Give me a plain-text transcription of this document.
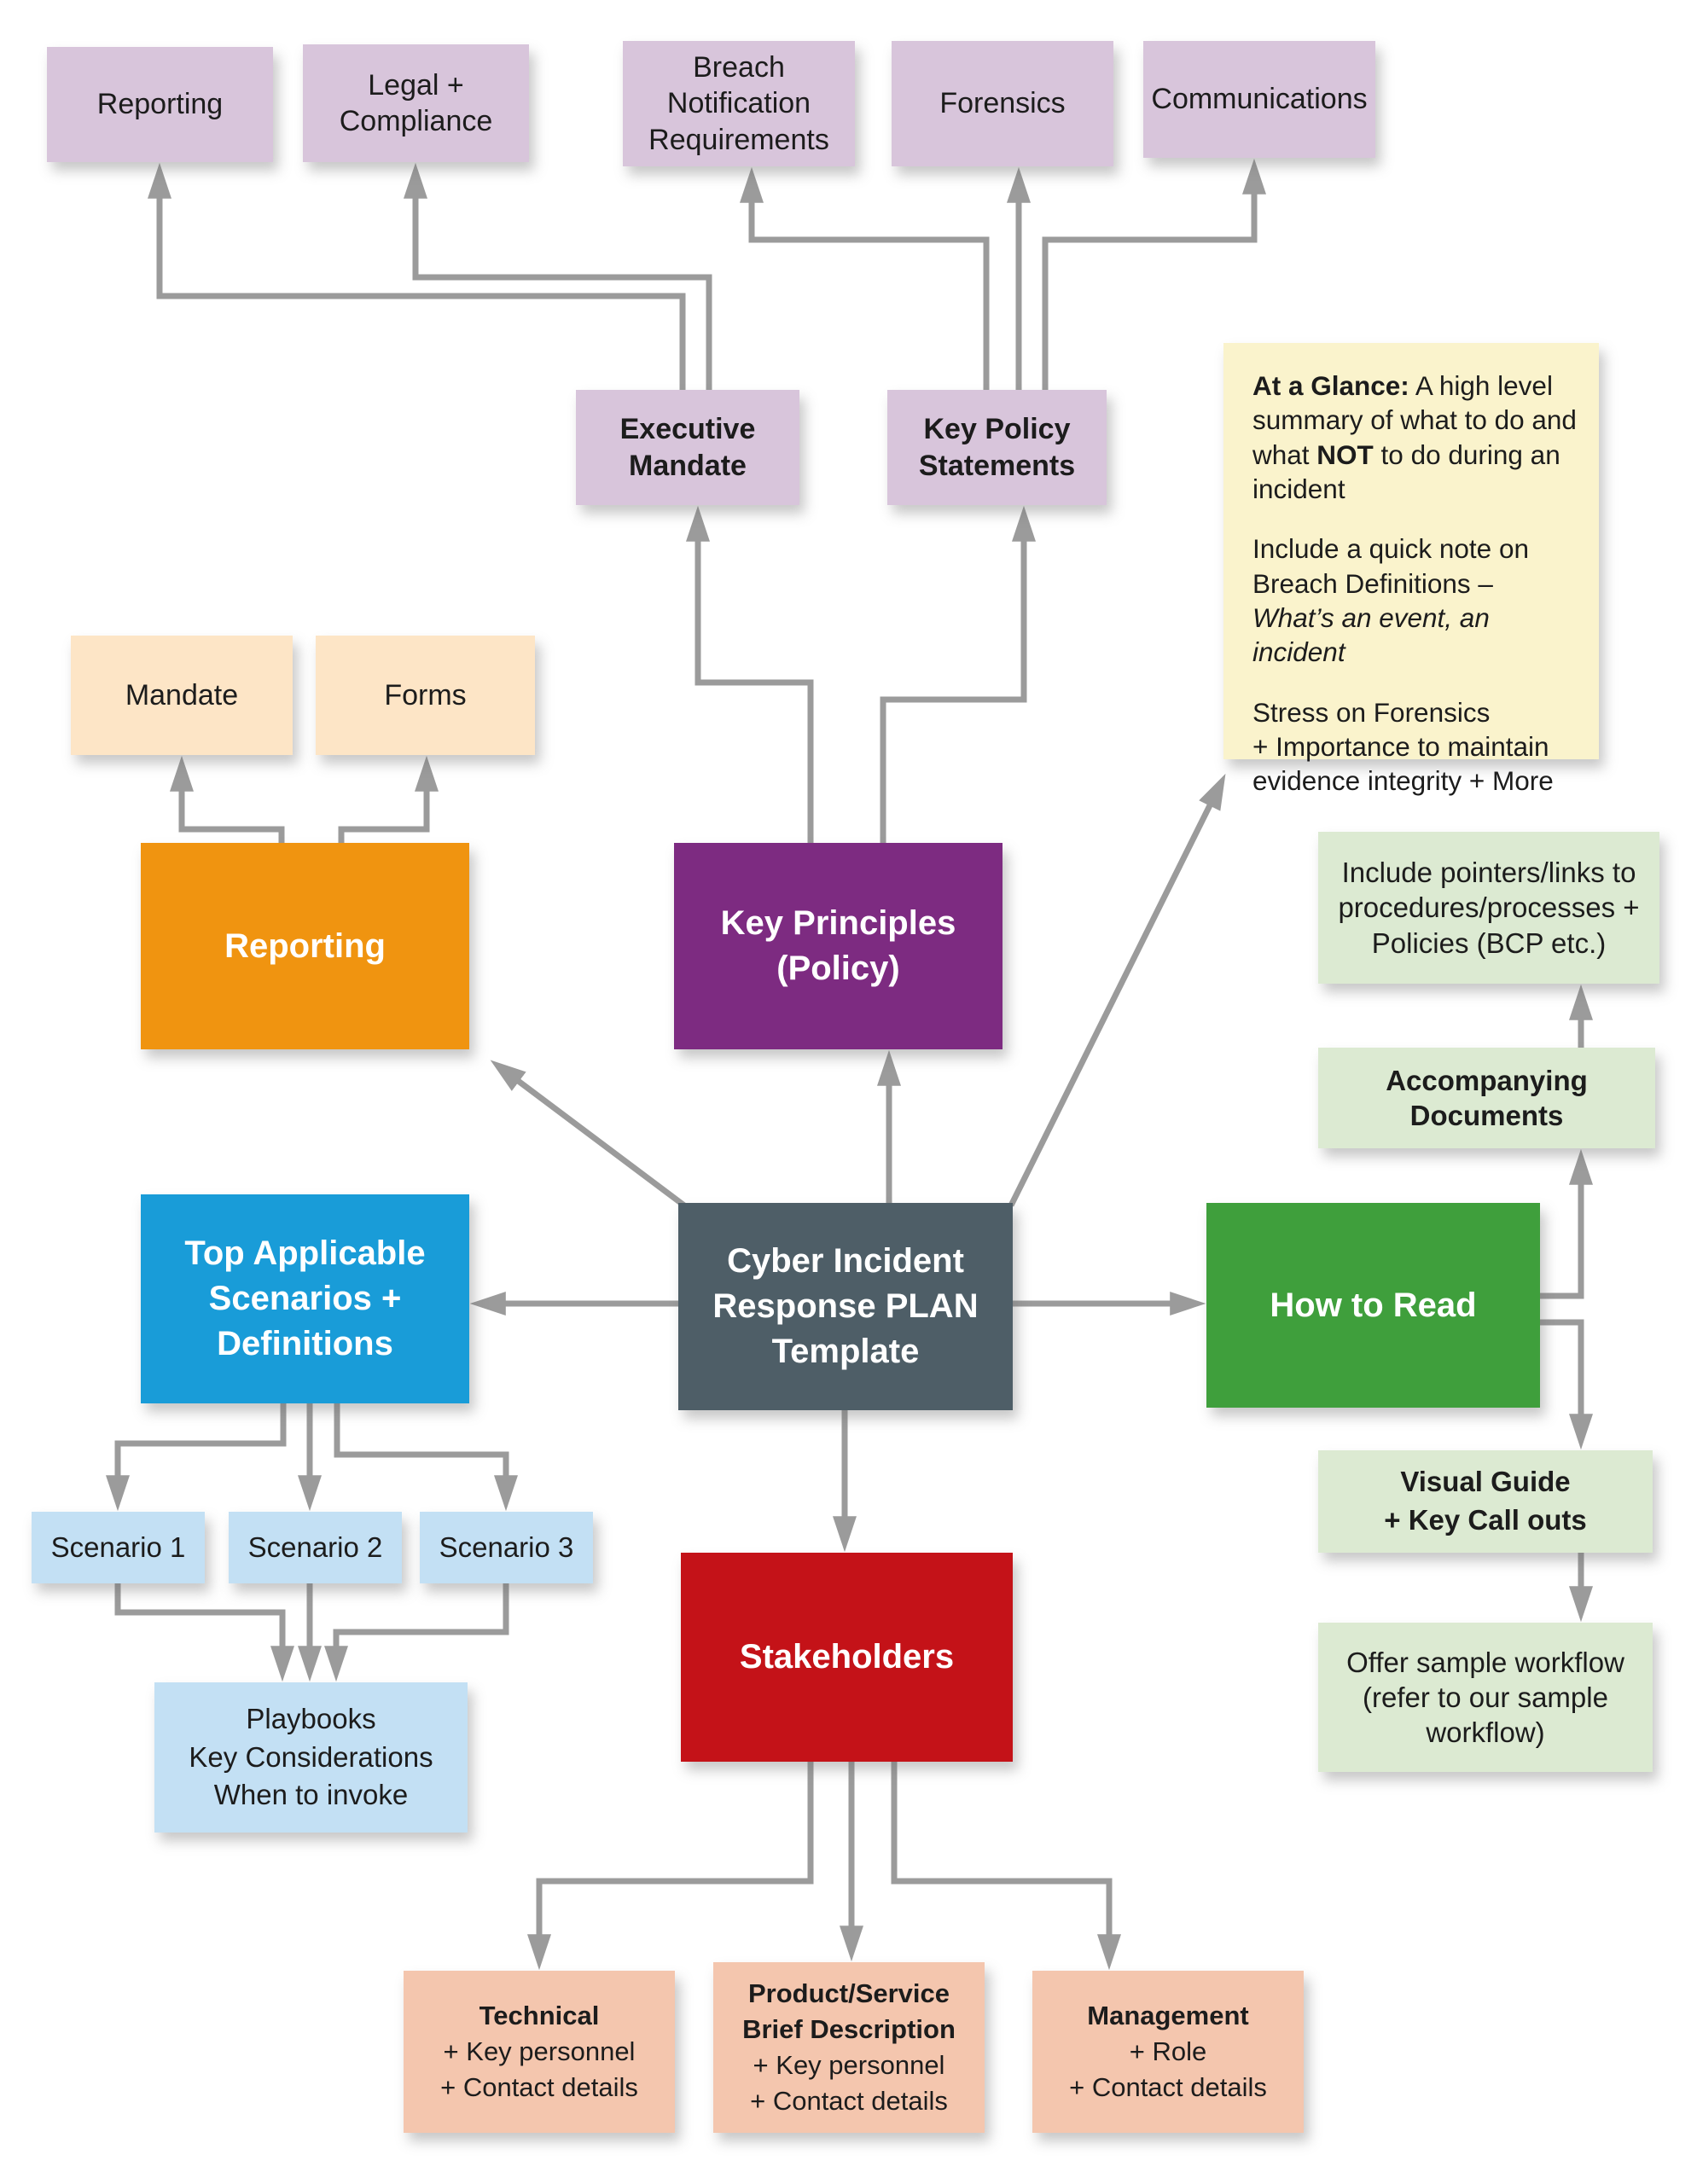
Reporting
Legal + Compliance
Breach Notification Requirements
Forensics	Communications
Executive Mandate
Key Policy Statements

At a Glance: A high level summary of what to do and what NOT to do during an incident

Include a quick note on Breach Definitions – What’s an event, an incident

Stress on Forensics
+ Importance to maintain evidence integrity + More

Mandate	Forms
Reporting
Key Principles (Policy)
Include pointers/links to procedures/processes + Policies (BCP etc.)
Accompanying Documents
Top Applicable Scenarios + Definitions
Cyber Incident Response PLAN Template
How to Read
Visual Guide
+ Key Call outs
Offer sample workflow (refer to our sample workflow)
Scenario 1	Scenario 2	Scenario 3
Playbooks
Key Considerations
When to invoke
Stakeholders
Technical
+ Key personnel
+ Contact details
Product/Service Brief Description
+ Key personnel
+ Contact details
Management
+ Role
+ Contact details
